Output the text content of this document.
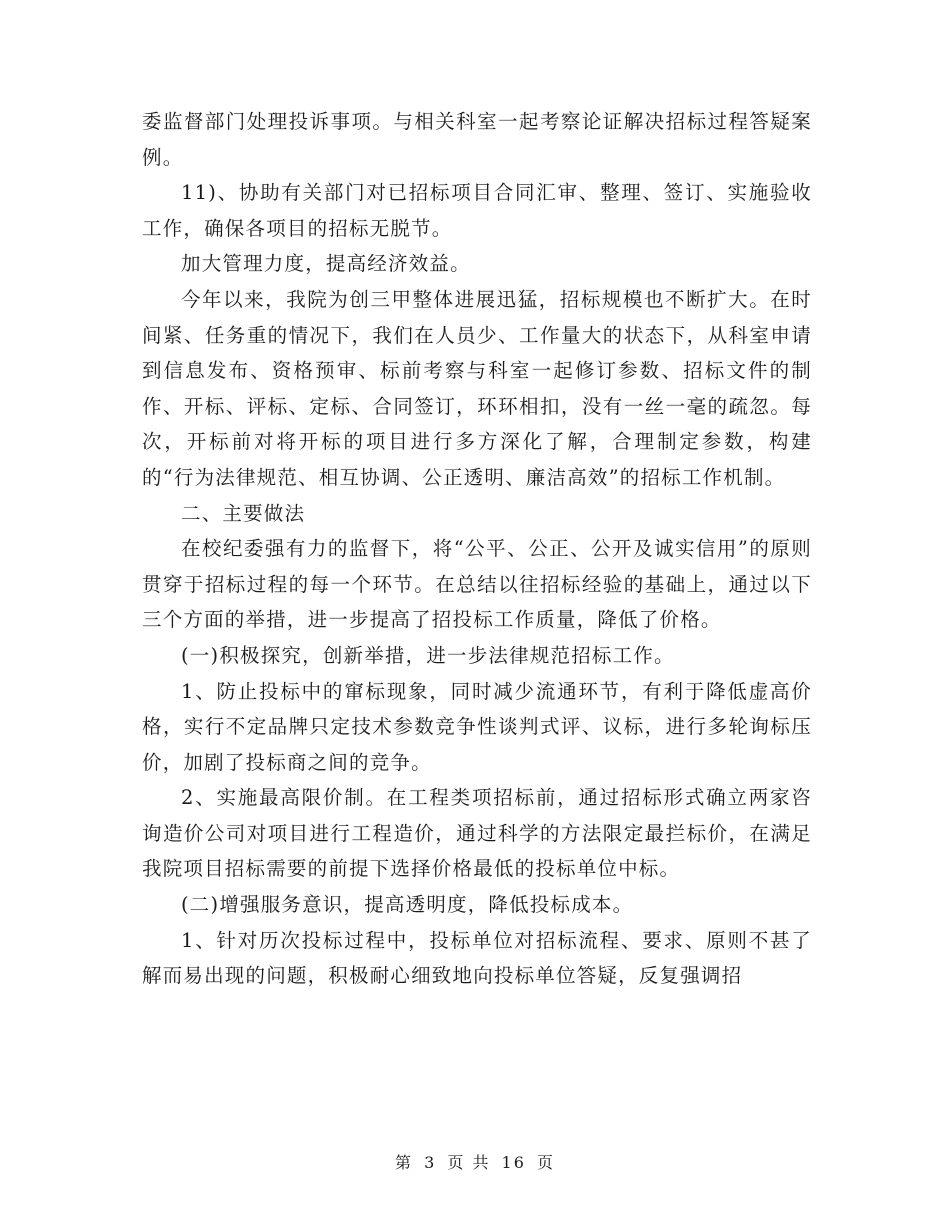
委监督部门处理投诉事项。与相关科室一起考察论证解决招标过程答疑案例。

11)、协助有关部门对已招标项目合同汇审、整理、签订、实施验收工作，确保各项目的招标无脱节。

加大管理力度，提高经济效益。

今年以来，我院为创三甲整体进展迅猛，招标规模也不断扩大。在时间紧、任务重的情况下，我们在人员少、工作量大的状态下，从科室申请到信息发布、资格预审、标前考察与科室一起修订参数、招标文件的制作、开标、评标、定标、合同签订，环环相扣，没有一丝一毫的疏忽。每次，开标前对将开标的项目进行多方深化了解，合理制定参数，构建的“行为法律规范、相互协调、公正透明、廉洁高效”的招标工作机制。

二、主要做法

在校纪委强有力的监督下，将“公平、公正、公开及诚实信用”的原则贯穿于招标过程的每一个环节。在总结以往招标经验的基础上，通过以下三个方面的举措，进一步提高了招投标工作质量，降低了价格。

(一)积极探究，创新举措，进一步法律规范招标工作。

1、防止投标中的窜标现象，同时减少流通环节，有利于降低虚高价格，实行不定品牌只定技术参数竞争性谈判式评、议标，进行多轮询标压价，加剧了投标商之间的竞争。

2、实施最高限价制。在工程类项招标前，通过招标形式确立两家咨询造价公司对项目进行工程造价，通过科学的方法限定最拦标价，在满足我院项目招标需要的前提下选择价格最低的投标单位中标。

(二)增强服务意识，提高透明度，降低投标成本。

1、针对历次投标过程中，投标单位对招标流程、要求、原则不甚了解而易出现的问题，积极耐心细致地向投标单位答疑，反复强调招

第 3 页 共 16 页
